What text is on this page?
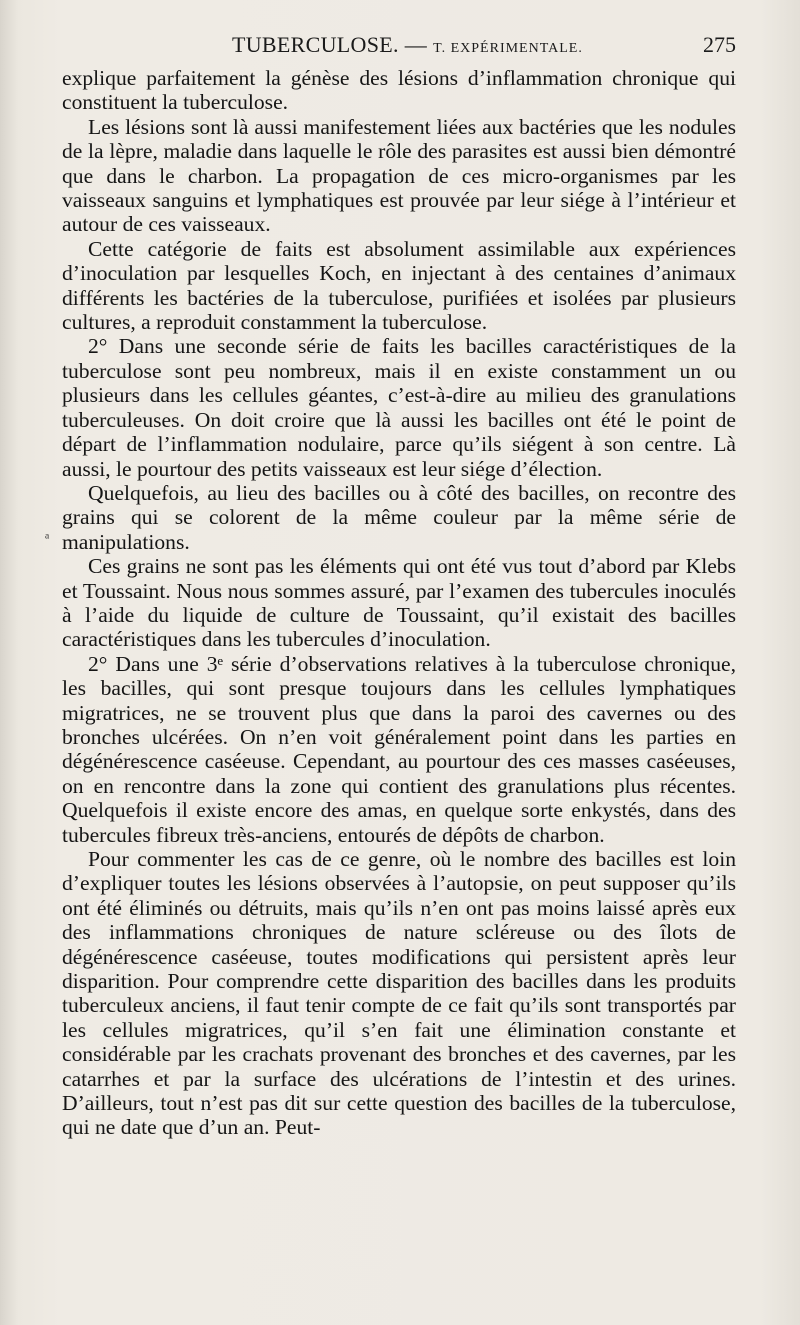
TUBERCULOSE. — T. EXPÉRIMENTALE.	275
ᵃ

explique parfaitement la génèse des lésions d’inflammation chronique qui constituent la tuberculose.

Les lésions sont là aussi manifestement liées aux bactéries que les nodules de la lèpre, maladie dans laquelle le rôle des parasites est aussi bien démontré que dans le charbon. La propagation de ces micro-organismes par les vaisseaux sanguins et lymphatiques est prouvée par leur siége à l’intérieur et autour de ces vaisseaux.

Cette catégorie de faits est absolument assimilable aux expériences d’inoculation par lesquelles Koch, en injectant à des centaines d’animaux différents les bactéries de la tuberculose, purifiées et isolées par plusieurs cultures, a reproduit constamment la tuberculose.

2° Dans une seconde série de faits les bacilles caractéristiques de la tuberculose sont peu nombreux, mais il en existe constamment un ou plusieurs dans les cellules géantes, c’est-à-dire au milieu des granulations tuberculeuses. On doit croire que là aussi les bacilles ont été le point de départ de l’inflammation nodulaire, parce qu’ils siégent à son centre. Là aussi, le pourtour des petits vaisseaux est leur siége d’élection.

Quelquefois, au lieu des bacilles ou à côté des bacilles, on recontre des grains qui se colorent de la même couleur par la même série de manipulations.

Ces grains ne sont pas les éléments qui ont été vus tout d’abord par Klebs et Toussaint. Nous nous sommes assuré, par l’examen des tubercules inoculés à l’aide du liquide de culture de Toussaint, qu’il existait des bacilles caractéristiques dans les tubercules d’inoculation.

2° Dans une 3ᵉ série d’observations relatives à la tuberculose chronique, les bacilles, qui sont presque toujours dans les cellules lymphatiques migratrices, ne se trouvent plus que dans la paroi des cavernes ou des bronches ulcérées. On n’en voit généralement point dans les parties en dégénérescence caséeuse. Cependant, au pourtour des ces masses caséeuses, on en rencontre dans la zone qui contient des granulations plus récentes. Quelquefois il existe encore des amas, en quelque sorte enkystés, dans des tubercules fibreux très-anciens, entourés de dépôts de charbon.

Pour commenter les cas de ce genre, où le nombre des bacilles est loin d’expliquer toutes les lésions observées à l’autopsie, on peut supposer qu’ils ont été éliminés ou détruits, mais qu’ils n’en ont pas moins laissé après eux des inflammations chroniques de nature scléreuse ou des îlots de dégénérescence caséeuse, toutes modifications qui persistent après leur disparition. Pour comprendre cette disparition des bacilles dans les produits tuberculeux anciens, il faut tenir compte de ce fait qu’ils sont transportés par les cellules migratrices, qu’il s’en fait une élimination constante et considérable par les crachats provenant des bronches et des cavernes, par les catarrhes et par la surface des ulcérations de l’intestin et des urines. D’ailleurs, tout n’est pas dit sur cette question des bacilles de la tuberculose, qui ne date que d’un an. Peut-
